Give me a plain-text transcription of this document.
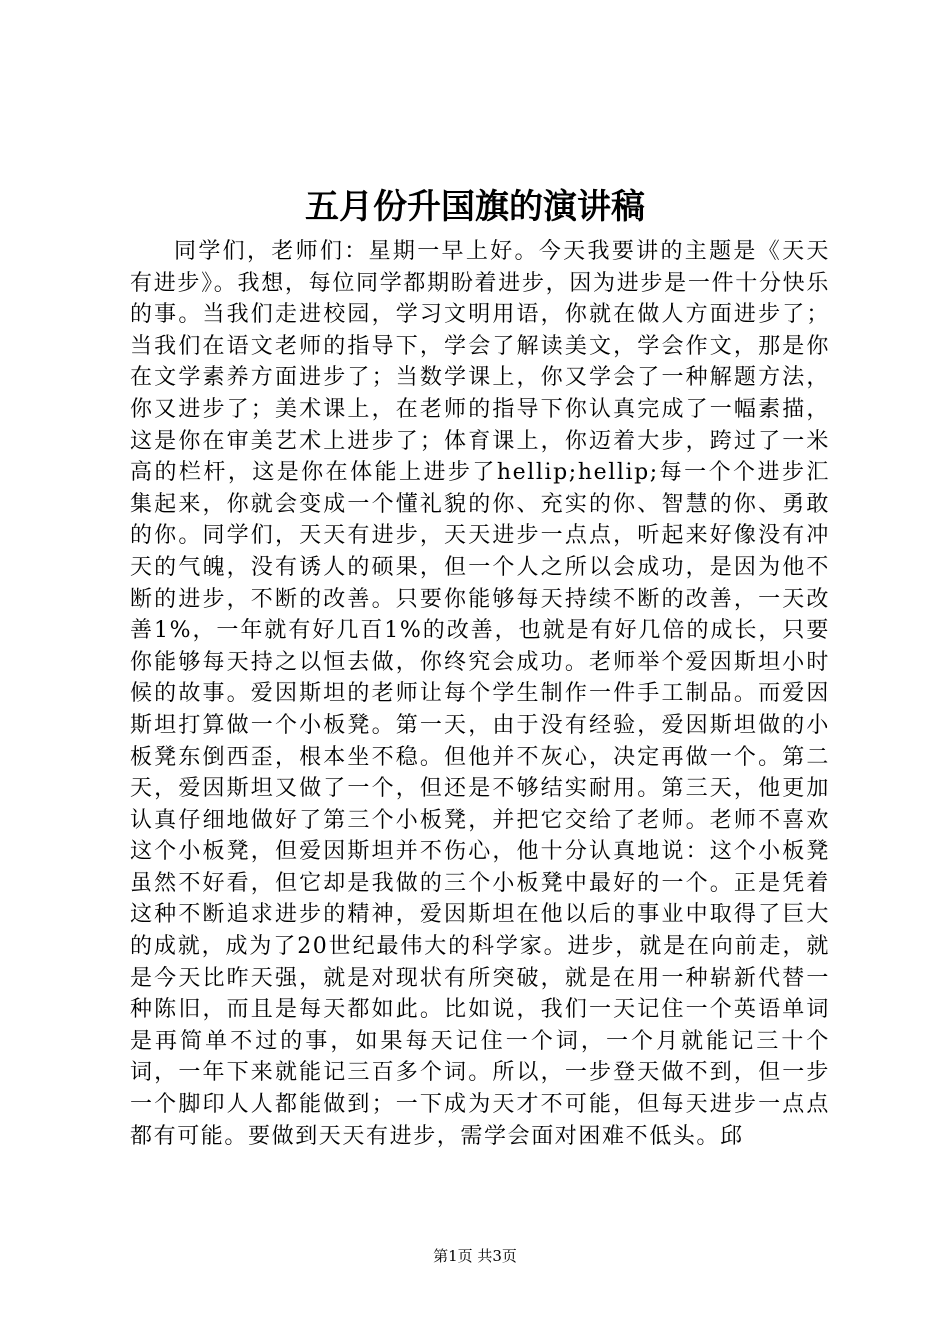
五月份升国旗的演讲稿

同学们，老师们：星期一早上好。今天我要讲的主题是《天天有进步》。我想，每位同学都期盼着进步，因为进步是一件十分快乐的事。当我们走进校园，学习文明用语，你就在做人方面进步了；当我们在语文老师的指导下，学会了解读美文，学会作文，那是你在文学素养方面进步了；当数学课上，你又学会了一种解题方法，你又进步了；美术课上，在老师的指导下你认真完成了一幅素描，这是你在审美艺术上进步了；体育课上，你迈着大步，跨过了一米高的栏杆，这是你在体能上进步了hellip;hellip;每一个个进步汇集起来，你就会变成一个懂礼貌的你、充实的你、智慧的你、勇敢的你。同学们，天天有进步，天天进步一点点，听起来好像没有冲天的气魄，没有诱人的硕果，但一个人之所以会成功，是因为他不断的进步，不断的改善。只要你能够每天持续不断的改善，一天改善1%，一年就有好几百1%的改善，也就是有好几倍的成长，只要你能够每天持之以恒去做，你终究会成功。老师举个爱因斯坦小时候的故事。爱因斯坦的老师让每个学生制作一件手工制品。而爱因斯坦打算做一个小板凳。第一天，由于没有经验，爱因斯坦做的小板凳东倒西歪，根本坐不稳。但他并不灰心，决定再做一个。第二天，爱因斯坦又做了一个，但还是不够结实耐用。第三天，他更加认真仔细地做好了第三个小板凳，并把它交给了老师。老师不喜欢这个小板凳，但爱因斯坦并不伤心，他十分认真地说：这个小板凳虽然不好看，但它却是我做的三个小板凳中最好的一个。正是凭着这种不断追求进步的精神，爱因斯坦在他以后的事业中取得了巨大的成就，成为了20世纪最伟大的科学家。进步，就是在向前走，就是今天比昨天强，就是对现状有所突破，就是在用一种崭新代替一种陈旧，而且是每天都如此。比如说，我们一天记住一个英语单词是再简单不过的事，如果每天记住一个词，一个月就能记三十个词，一年下来就能记三百多个词。所以，一步登天做不到，但一步一个脚印人人都能做到；一下成为天才不可能，但每天进步一点点都有可能。要做到天天有进步，需学会面对困难不低头。邱

第1页 共3页
